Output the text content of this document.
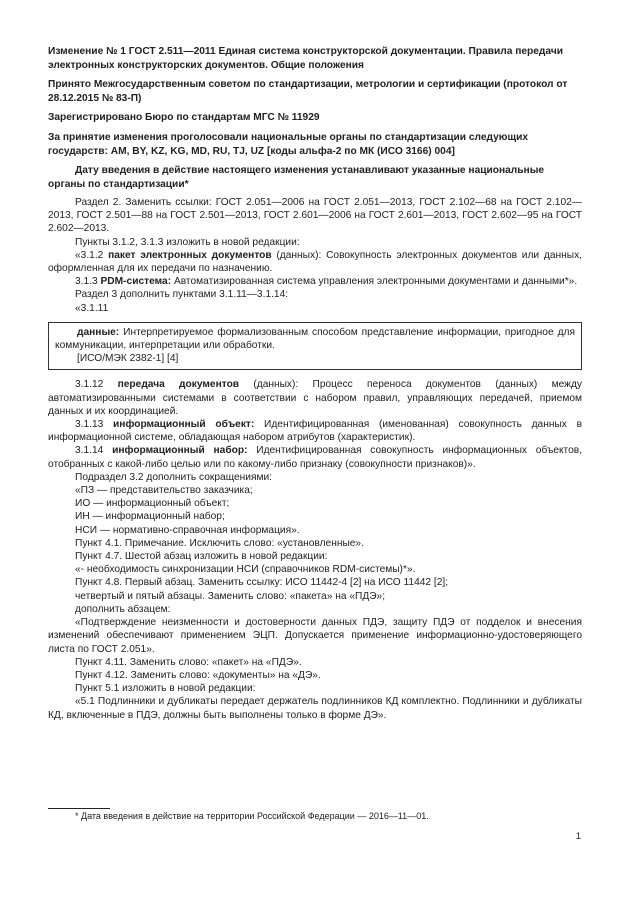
Изменение № 1 ГОСТ 2.511—2011 Единая система конструкторской документации. Правила передачи электронных конструкторских документов. Общие положения

Принято Межгосударственным советом по стандартизации, метрологии и сертификации (протокол от 28.12.2015 № 83-П)

Зарегистрировано Бюро по стандартам МГС № 11929

За принятие изменения проголосовали национальные органы по стандартизации следующих государств: AM, BY, KZ, KG, MD, RU, TJ, UZ [коды альфа-2 по МК (ИСО 3166) 004]

Дату введения в действие настоящего изменения устанавливают указанные национальные органы по стандартизации*

Раздел 2. Заменить ссылки: ГОСТ 2.051—2006 на ГОСТ 2.051—2013, ГОСТ 2.102—68 на ГОСТ 2.102—2013, ГОСТ 2.501—88 на ГОСТ 2.501—2013, ГОСТ 2.601—2006 на ГОСТ 2.601—2013, ГОСТ 2.602—95 на ГОСТ 2.602—2013.

Пункты 3.1.2, 3.1.3 изложить в новой редакции:

«3.1.2 пакет электронных документов (данных): Совокупность электронных документов или данных, оформленная для их передачи по назначению.

3.1.3 PDM-система: Автоматизированная система управления электронными документами и данными*».

Раздел 3 дополнить пунктами 3.1.11—3.1.14:

«3.1.11

данные: Интерпретируемое формализованным способом представление информации, пригодное для коммуникации, интерпретации или обработки.

[ИСО/МЭК 2382-1] [4]

3.1.12 передача документов (данных): Процесс переноса документов (данных) между автоматизированными системами в соответствии с набором правил, управляющих передачей, приемом данных и их координацией.

3.1.13 информационный объект: Идентифицированная (именованная) совокупность данных в информационной системе, обладающая набором атрибутов (характеристик).

3.1.14 информационный набор: Идентифицированная совокупность информационных объектов, отобранных с какой-либо целью или по какому-либо признаку (совокупности признаков)».

Подраздел 3.2 дополнить сокращениями:

«ПЗ — представительство заказчика;

ИО — информационный объект;

ИН — информационный набор;

НСИ — нормативно-справочная информация».

Пункт 4.1. Примечание. Исключить слово: «установленные».

Пункт 4.7. Шестой абзац изложить в новой редакции:

«- необходимость синхронизации НСИ (справочников RDM-системы)*».

Пункт 4.8. Первый абзац. Заменить ссылку: ИСО 11442-4 [2] на ИСО 11442 [2];

четвертый и пятый абзацы. Заменить слово: «пакета» на «ПДЭ»;

дополнить абзацем:

«Подтверждение неизменности и достоверности данных ПДЭ, защиту ПДЭ от подделок и внесения изменений обеспечивают применением ЭЦП. Допускается применение информационно-удостоверяющего листа по ГОСТ 2.051».

Пункт 4.11. Заменить слово: «пакет» на «ПДЭ».

Пункт 4.12. Заменить слово: «документы» на «ДЭ».

Пункт 5.1 изложить в новой редакции:

«5.1 Подлинники и дубликаты передает держатель подлинников КД комплектно. Подлинники и дубликаты КД, включенные в ПДЭ, должны быть выполнены только в форме ДЭ».

* Дата введения в действие на территории Российской Федерации — 2016—11—01.

1
